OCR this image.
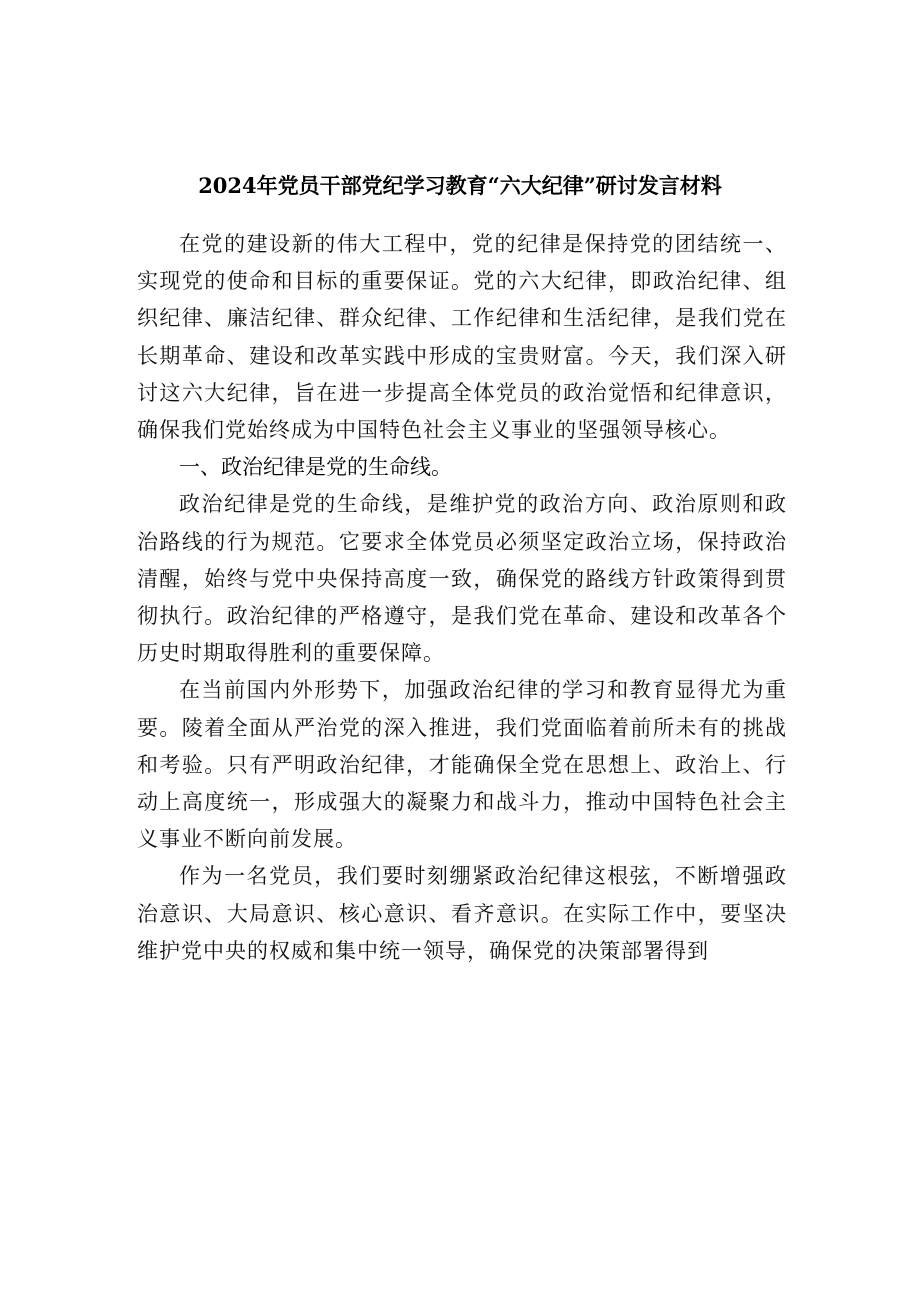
2024年党员干部党纪学习教育“六大纪律”研讨发言材料

在党的建设新的伟大工程中，党的纪律是保持党的团结统一、实现党的使命和目标的重要保证。党的六大纪律，即政治纪律、组织纪律、廉洁纪律、群众纪律、工作纪律和生活纪律，是我们党在长期革命、建设和改革实践中形成的宝贵财富。今天，我们深入研讨这六大纪律，旨在进一步提高全体党员的政治觉悟和纪律意识，确保我们党始终成为中国特色社会主义事业的坚强领导核心。

一、政治纪律是党的生命线。

政治纪律是党的生命线，是维护党的政治方向、政治原则和政治路线的行为规范。它要求全体党员必须坚定政治立场，保持政治清醒，始终与党中央保持高度一致，确保党的路线方针政策得到贯彻执行。政治纪律的严格遵守，是我们党在革命、建设和改革各个历史时期取得胜利的重要保障。

在当前国内外形势下，加强政治纪律的学习和教育显得尤为重要。陵着全面从严治党的深入推进，我们党面临着前所未有的挑战和考验。只有严明政治纪律，才能确保全党在思想上、政治上、行动上高度统一，形成强大的凝聚力和战斗力，推动中国特色社会主义事业不断向前发展。

作为一名党员，我们要时刻绷紧政治纪律这根弦，不断增强政治意识、大局意识、核心意识、看齐意识。在实际工作中，要坚决维护党中央的权威和集中统一领导，确保党的决策部署得到
